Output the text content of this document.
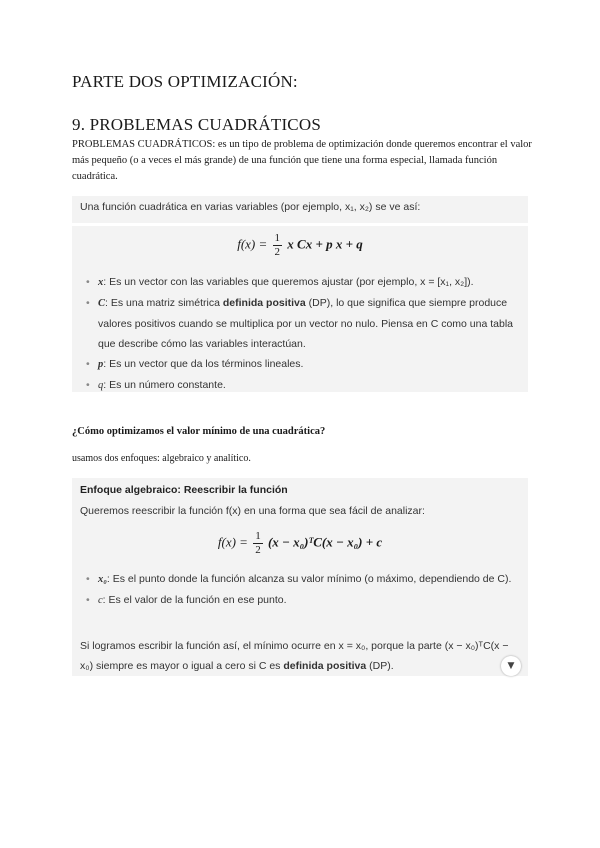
PARTE DOS OPTIMIZACIÓN:
9. PROBLEMAS CUADRÁTICOS
PROBLEMAS CUADRÁTICOS: es un tipo de problema de optimización donde queremos encontrar el valor más pequeño (o a veces el más grande) de una función que tiene una forma especial, llamada función cuadrática.
Una función cuadrática en varias variables (por ejemplo, x₁, x₂) se ve así:
$f(x) = \frac{1}{2}$ x Cx + p x + q
• x: Es un vector con las variables que queremos ajustar (por ejemplo, x = [x₁, x₂]).
• C: Es una matriz simétrica definida positiva (DP), lo que significa que siempre produce valores positivos cuando se multiplica por un vector no nulo. Piensa en C como una tabla que describe cómo las variables interactúan.
• p: Es un vector que da los términos lineales.
• q: Es un número constante.
¿Cómo optimizamos el valor mínimo de una cuadrática?
usamos dos enfoques: algebraico y analítico.
Enfoque algebraico: Reescribir la función
Queremos reescribir la función f(x) en una forma que sea fácil de analizar:
$f(x) = \frac{1}{2} (x$ − x₀)ᵀC(x − x₀) + c
• x₀: Es el punto donde la función alcanza su valor mínimo (o máximo, dependiendo de C).
• c: Es el valor de la función en ese punto.
Si logramos escribir la función así, el mínimo ocurre en x = x₀, porque la parte (x − x₀)ᵀC(x − x₀) siempre es mayor o igual a cero si C es definida positiva (DP).	▼
